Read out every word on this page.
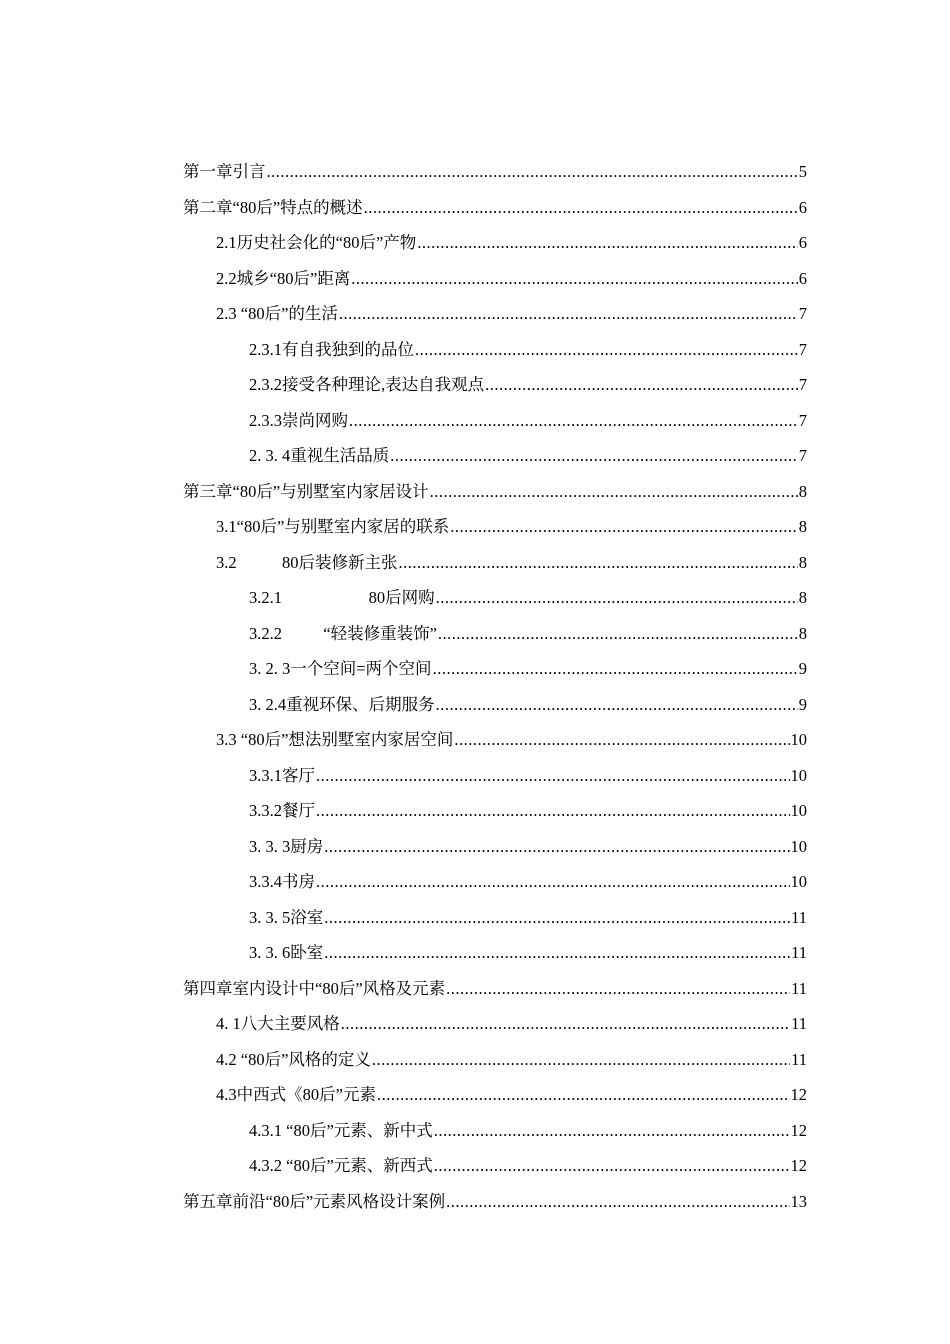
第一章引言 .....	5
第二章“80后”特点的概述 .....	6
2.1历史社会化的“80后”产物 .....	6
2.2城乡“80后”距离 .....	6
2.3 “80后”的生活 .....	7
2.3.1有自我独到的品位 .....	7
2.3.2接受各种理论,表达自我观点 .....	7
2.3.3崇尚网购 .....	7
2. 3. 4重视生活品质 .....	7
第三章“80后”与别墅室内家居设计 .....	8
3.1“80后”与别墅室内家居的联系 .....	8
3.2           80后装修新主张 .....	8
3.2.1                     80后网购 .....	8
3.2.2          “轻装修重装饰” .....	8
3. 2. 3一个空间=两个空间 .....	9
3. 2.4重视环保、后期服务 .....	9
3.3 “80后”想法别墅室内家居空间 .....	10
3.3.1客厅 .....	10
3.3.2餐厅 .....	10
3. 3. 3厨房 .....	10
3.3.4书房 .....	10
3. 3. 5浴室 .....	11
3. 3. 6卧室 .....	11
第四章室内设计中“80后”风格及元素 .....	11
4. 1八大主要风格 .....	11
4.2 “80后”风格的定义 .....	11
4.3中西式《80后”元素 .....	12
4.3.1 “80后”元素、新中式 .....	12
4.3.2 “80后”元素、新西式 .....	12
第五章前沿“80后”元素风格设计案例 .....	13
